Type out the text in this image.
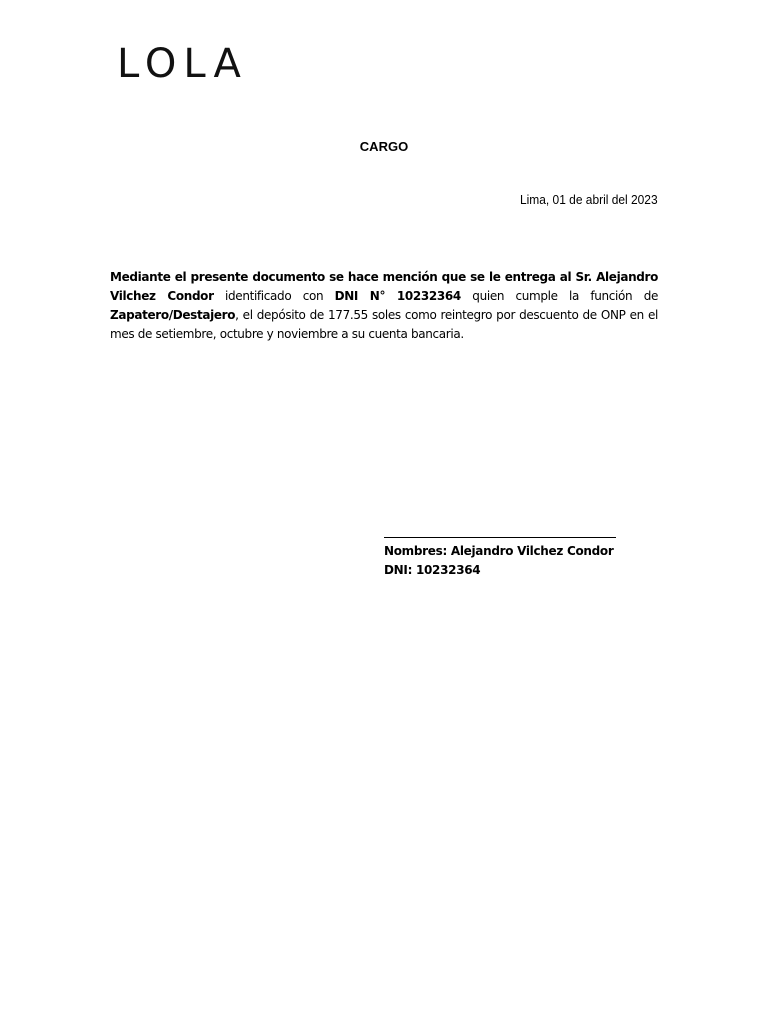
LOLA
CARGO
Lima, 01 de abril del 2023
Mediante el presente documento se hace mención que se le entrega al Sr. Alejandro Vilchez Condor identificado con DNI N° 10232364 quien cumple la función de Zapatero/Destajero, el depósito de 177.55 soles como reintegro por descuento de ONP en el mes de setiembre, octubre y noviembre a su cuenta bancaria.
Nombres: Alejandro Vilchez Condor
DNI: 10232364
